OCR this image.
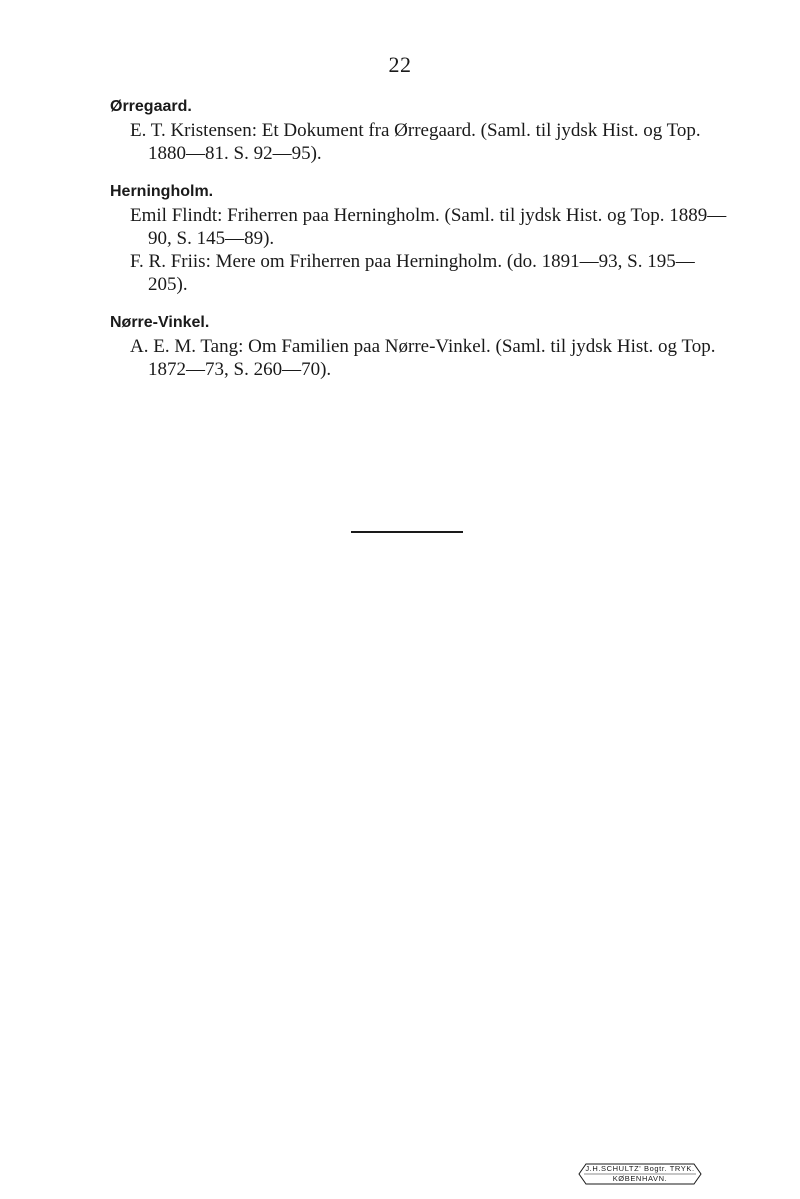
22
Ørregaard.

E. T. Kristensen: Et Dokument fra Ørregaard. (Saml. til jydsk Hist. og Top. 1880—81. S. 92—95).

Herningholm.

Emil Flindt: Friherren paa Herningholm. (Saml. til jydsk Hist. og Top. 1889—90, S. 145—89).

F. R. Friis: Mere om Friherren paa Herningholm. (do. 1891—93, S. 195—205).

Nørre-Vinkel.

A. E. M. Tang: Om Familien paa Nørre-Vinkel. (Saml. til jydsk Hist. og Top. 1872—73, S. 260—70).

J.H.SCHULTZ' Bogtr. TRYK.
KØBENHAVN.
